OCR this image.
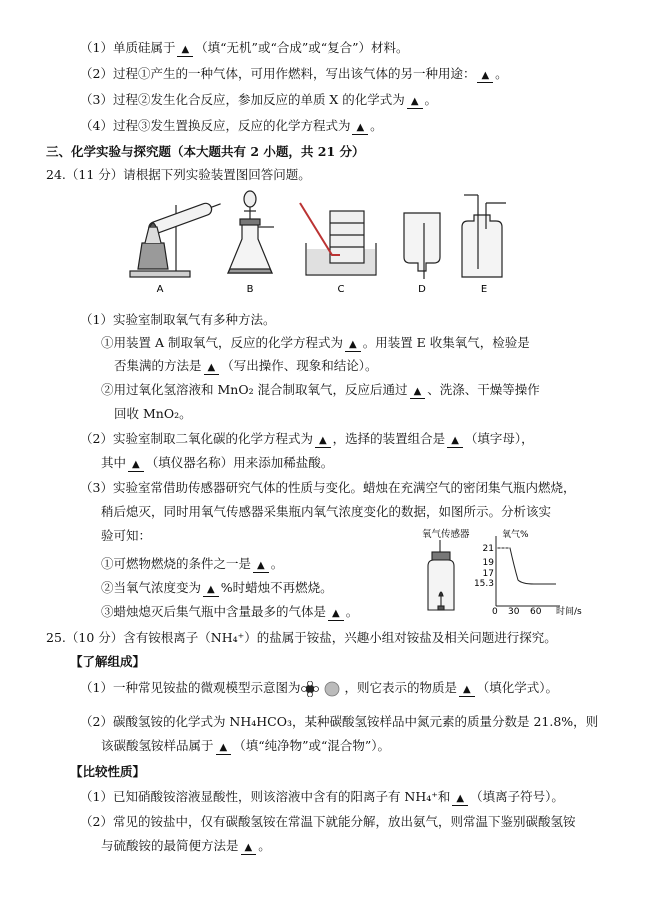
（1）单质硅属于 ▲ （填“无机”或“合成”或“复合”）材料。
（2）过程①产生的一种气体，可用作燃料，写出该气体的另一种用途： ▲ 。
（3）过程②发生化合反应，参加反应的单质 X 的化学式为 ▲ 。
（4）过程③发生置换反应，反应的化学方程式为 ▲ 。
三、化学实验与探究题（本大题共有 2 小题，共 21 分）
24.（11 分）请根据下列实验装置图回答问题。
A	B	C	D	E
（1）实验室制取氧气有多种方法。
①用装置 A 制取氧气，反应的化学方程式为 ▲ 。用装置 E 收集氧气，检验是
否集满的方法是 ▲ （写出操作、现象和结论）。
②用过氧化氢溶液和 MnO₂ 混合制取氧气，反应后通过 ▲ 、洗涤、干燥等操作
回收 MnO₂。
（2）实验室制取二氧化碳的化学方程式为 ▲ ，选择的装置组合是 ▲ （填字母），
其中 ▲ （填仪器名称）用来添加稀盐酸。
（3）实验室常借助传感器研究气体的性质与变化。蜡烛在充满空气的密闭集气瓶内燃烧，
稍后熄灭，同时用氧气传感器采集瓶内氧气浓度变化的数据，如图所示。分析该实
验可知：
①可燃物燃烧的条件之一是 ▲ 。
②当氧气浓度变为 ▲ %时蜡烛不再燃烧。
③蜡烛熄灭后集气瓶中含量最多的气体是 ▲ 。
氧气传感器	氧气%
21
19
17
15.3
0 30 60 时间/s
25.（10 分）含有铵根离子（NH₄⁺）的盐属于铵盐，兴趣小组对铵盐及相关问题进行探究。
【了解组成】
（1）一种常见铵盐的微观模型示意图为	，则它表示的物质是 ▲ （填化学式）。
（2）碳酸氢铵的化学式为 NH₄HCO₃，某种碳酸氢铵样品中氮元素的质量分数是 21.8%，则
该碳酸氢铵样品属于 ▲ （填“纯净物”或“混合物”）。
【比较性质】
（1）已知硝酸铵溶液显酸性，则该溶液中含有的阳离子有 NH₄⁺和 ▲ （填离子符号）。
（2）常见的铵盐中，仅有碳酸氢铵在常温下就能分解，放出氨气，则常温下鉴别碳酸氢铵
与硫酸铵的最简便方法是 ▲ 。
